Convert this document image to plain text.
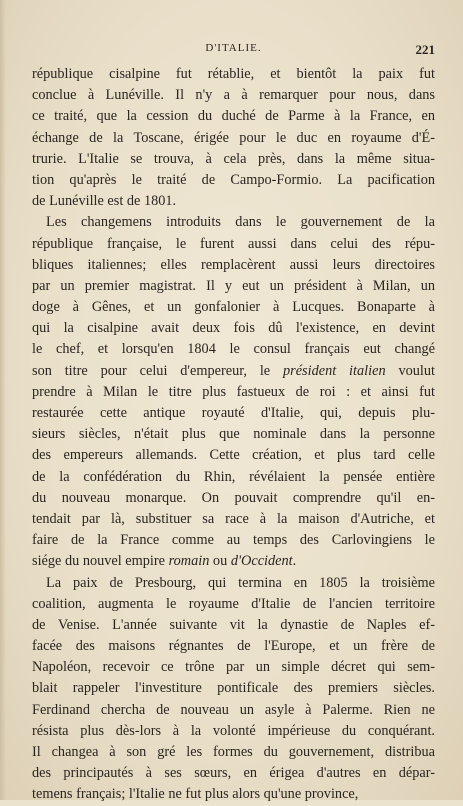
D'ITALIE.	221
république cisalpine fut rétablie, et bientôt la paix fut
conclue à Lunéville. Il n'y a à remarquer pour nous, dans
ce traité, que la cession du duché de Parme à la France, en
échange de la Toscane, érigée pour le duc en royaume d'É-
trurie. L'Italie se trouva, à cela près, dans la même situa-
tion qu'après le traité de Campo-Formio. La pacification
de Lunéville est de 1801.
Les changemens introduits dans le gouvernement de la
république française, le furent aussi dans celui des répu-
bliques italiennes; elles remplacèrent aussi leurs directoires
par un premier magistrat. Il y eut un président à Milan, un
doge à Gênes, et un gonfalonier à Lucques. Bonaparte à
qui la cisalpine avait deux fois dû l'existence, en devint
le chef, et lorsqu'en 1804 le consul français eut changé
son titre pour celui d'empereur, le président italien voulut
prendre à Milan le titre plus fastueux de roi : et ainsi fut
restaurée cette antique royauté d'Italie, qui, depuis plu-
sieurs siècles, n'était plus que nominale dans la personne
des empereurs allemands. Cette création, et plus tard celle
de la confédération du Rhin, révélaient la pensée entière
du nouveau monarque. On pouvait comprendre qu'il en-
tendait par là, substituer sa race à la maison d'Autriche, et
faire de la France comme au temps des Carlovingiens le
siége du nouvel empire romain ou d'Occident.
La paix de Presbourg, qui termina en 1805 la troisième
coalition, augmenta le royaume d'Italie de l'ancien territoire
de Venise. L'année suivante vit la dynastie de Naples ef-
facée des maisons régnantes de l'Europe, et un frère de
Napoléon, recevoir ce trône par un simple décret qui sem-
blait rappeler l'investiture pontificale des premiers siècles.
Ferdinand chercha de nouveau un asyle à Palerme. Rien ne
résista plus dès-lors à la volonté impérieuse du conquérant.
Il changea à son gré les formes du gouvernement, distribua
des principautés à ses sœurs, en érigea d'autres en dépar-
temens français; l'Italie ne fut plus alors qu'une province,
